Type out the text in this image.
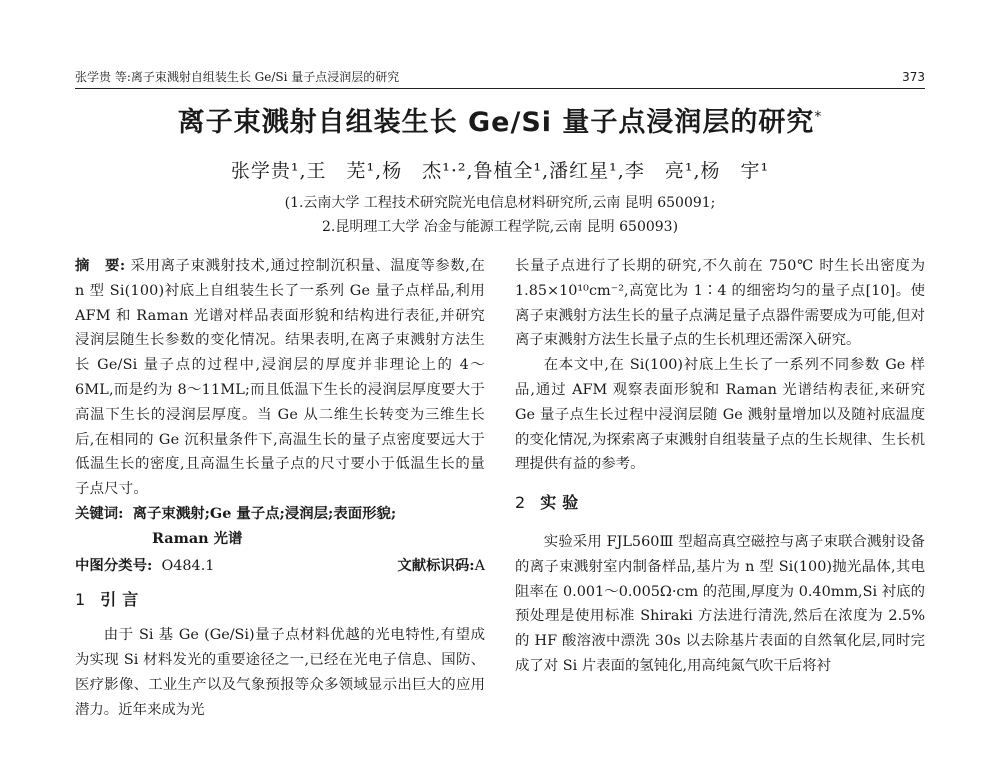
张学贵 等:离子束溅射自组装生长 Ge/Si 量子点浸润层的研究	373
离子束溅射自组装生长 Ge/Si 量子点浸润层的研究*
张学贵¹,王　芜¹,杨　杰¹·²,鲁植全¹,潘红星¹,李　亮¹,杨　宇¹
(1.云南大学 工程技术研究院光电信息材料研究所,云南 昆明 650091;
2.昆明理工大学 冶金与能源工程学院,云南 昆明 650093)

摘　要: 采用离子束溅射技术,通过控制沉积量、温度等参数,在 n 型 Si(100)衬底上自组装生长了一系列 Ge 量子点样品,利用 AFM 和 Raman 光谱对样品表面形貌和结构进行表征,并研究浸润层随生长参数的变化情况。结果表明,在离子束溅射方法生长 Ge/Si 量子点的过程中,浸润层的厚度并非理论上的 4～6ML,而是约为 8～11ML;而且低温下生长的浸润层厚度要大于高温下生长的浸润层厚度。当 Ge 从二维生长转变为三维生长后,在相同的 Ge 沉积量条件下,高温生长的量子点密度要远大于低温生长的密度,且高温生长量子点的尺寸要小于低温生长的量子点尺寸。

关键词:
离子束溅射;Ge 量子点;浸润层;表面形貌;
Raman 光谱
中图分类号: O484.1	文献标识码:A
1 引言

由于 Si 基 Ge (Ge/Si)量子点材料优越的光电特性,有望成为实现 Si 材料发光的重要途径之一,已经在光电子信息、国防、医疗影像、工业生产以及气象预报等众多领域显示出巨大的应用潜力。近年来成为光

长量子点进行了长期的研究,不久前在 750℃ 时生长出密度为 1.85×10¹⁰cm⁻²,高宽比为 1∶4 的细密均匀的量子点[10]。使离子束溅射方法生长的量子点满足量子点器件需要成为可能,但对离子束溅射方法生长量子点的生长机理还需深入研究。

在本文中,在 Si(100)衬底上生长了一系列不同参数 Ge 样品,通过 AFM 观察表面形貌和 Raman 光谱结构表征,来研究 Ge 量子点生长过程中浸润层随 Ge 溅射量增加以及随衬底温度的变化情况,为探索离子束溅射自组装量子点的生长规律、生长机理提供有益的参考。

2 实验

实验采用 FJL560Ⅲ 型超高真空磁控与离子束联合溅射设备的离子束溅射室内制备样品,基片为 n 型 Si(100)抛光晶体,其电阻率在 0.001～0.005Ω·cm 的范围,厚度为 0.40mm,Si 衬底的预处理是使用标准 Shiraki 方法进行清洗,然后在浓度为 2.5% 的 HF 酸溶液中漂洗 30s 以去除基片表面的自然氧化层,同时完成了对 Si 片表面的氢钝化,用高纯氮气吹干后将衬
